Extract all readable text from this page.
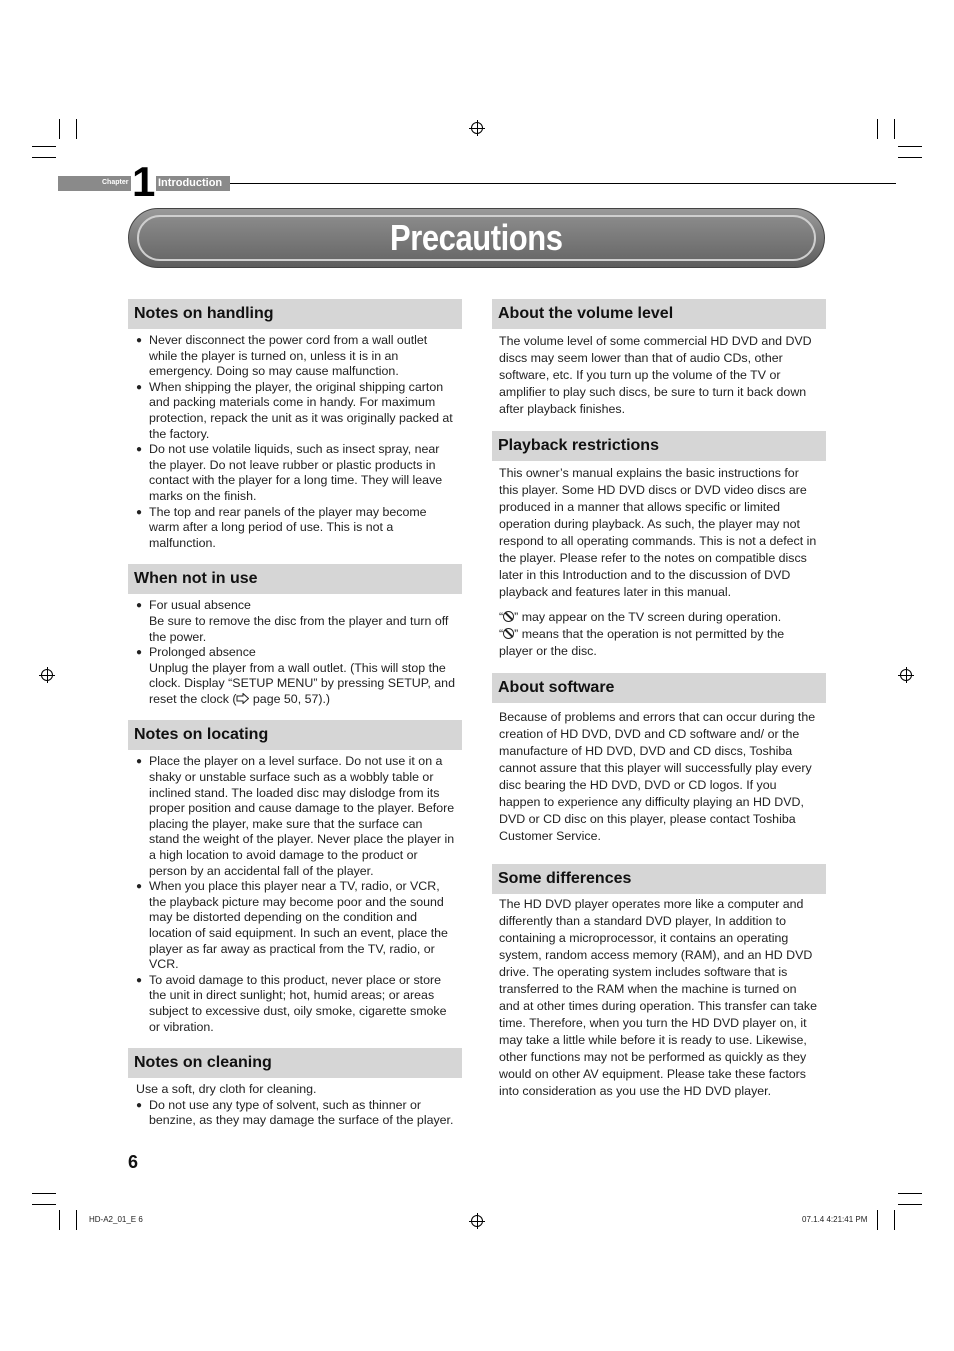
Chapter 1 Introduction
Precautions
Notes on handling
● Never disconnect the power cord from a wall outlet while the player is turned on, unless it is in an emergency. Doing so may cause malfunction.
● When shipping the player, the original shipping carton and packing materials come in handy. For maximum protection, repack the unit as it was originally packed at the factory.
● Do not use volatile liquids, such as insect spray, near the player. Do not leave rubber or plastic products in contact with the player for a long time. They will leave marks on the finish.
● The top and rear panels of the player may become warm after a long period of use. This is not a malfunction.
When not in use
● For usual absence
Be sure to remove the disc from the player and turn off the power.
● Prolonged absence
Unplug the player from a wall outlet. (This will stop the clock. Display “SETUP MENU” by pressing SETUP, and reset the clock (
page 50, 57).)
Notes on locating
● Place the player on a level surface. Do not use it on a shaky or unstable surface such as a wobbly table or inclined stand. The loaded disc may dislodge from its proper position and cause damage to the player. Before placing the player, make sure that the surface can stand the weight of the player. Never place the player in a high location to avoid damage to the product or person by an accidental fall of the player.
● When you place this player near a TV, radio, or VCR, the playback picture may become poor and the sound may be distorted depending on the condition and location of said equipment. In such an event, place the player as far away as practical from the TV, radio, or VCR.
● To avoid damage to this product, never place or store the unit in direct sunlight; hot, humid areas; or areas subject to excessive dust, oily smoke, cigarette smoke or vibration.
Notes on cleaning

Use a soft, dry cloth for cleaning.

● Do not use any type of solvent, such as thinner or benzine, as they may damage the surface of the player.
About the volume level

The volume level of some commercial HD DVD and DVD discs may seem lower than that of audio CDs, other software, etc. If you turn up the volume of the TV or amplifier to play such discs, be sure to turn it back down after playback finishes.

Playback restrictions

This owner’s manual explains the basic instructions for this player. Some HD DVD discs or DVD video discs are produced in a manner that allows specific or limited operation during playback. As such, the player may not respond to all operating commands. This is not a defect in the player. Please refer to the notes on compatible discs later in this Introduction and to the discussion of DVD playback and features later in this manual.

“ ” may appear on the TV screen during operation.
“ ” means that the operation is not permitted by the player or the disc.

About software

Because of problems and errors that can occur during the creation of HD DVD, DVD and CD software and/ or the manufacture of HD DVD, DVD and CD discs, Toshiba cannot assure that this player will successfully play every disc bearing the HD DVD, DVD or CD logos. If you happen to experience any difficulty playing an HD DVD, DVD or CD disc on this player, please contact Toshiba Customer Service.

Some differences

The HD DVD player operates more like a computer and differently than a standard DVD player, In addition to containing a microprocessor, it contains an operating system, random access memory (RAM), and an HD DVD drive. The operating system includes software that is transferred to the RAM when the machine is turned on and at other times during operation. This transfer can take time. Therefore, when you turn the HD DVD player on, it may take a little while before it is ready to use. Likewise, other functions may not be performed as quickly as they would on other AV equipment. Please take these factors into consideration as you use the HD DVD player.

6
HD-A2_01_E 6	07.1.4 4:21:41 PM
